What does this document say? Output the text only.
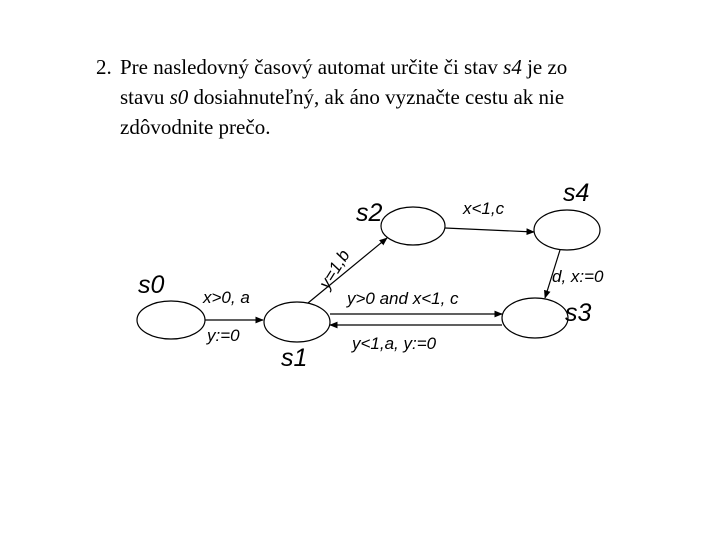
2. Pre nasledovný časový automat určite či stav s4 je zo
stavu s0 dosiahnuteľný, ak áno vyznačte cestu ak nie
zdôvodnite prečo.
s0
s1
s2
s3
s4
x>0, a
y:=0
y=1,b
x<1,c
d, x:=0
y>0 and x<1, c
y<1,a, y:=0
